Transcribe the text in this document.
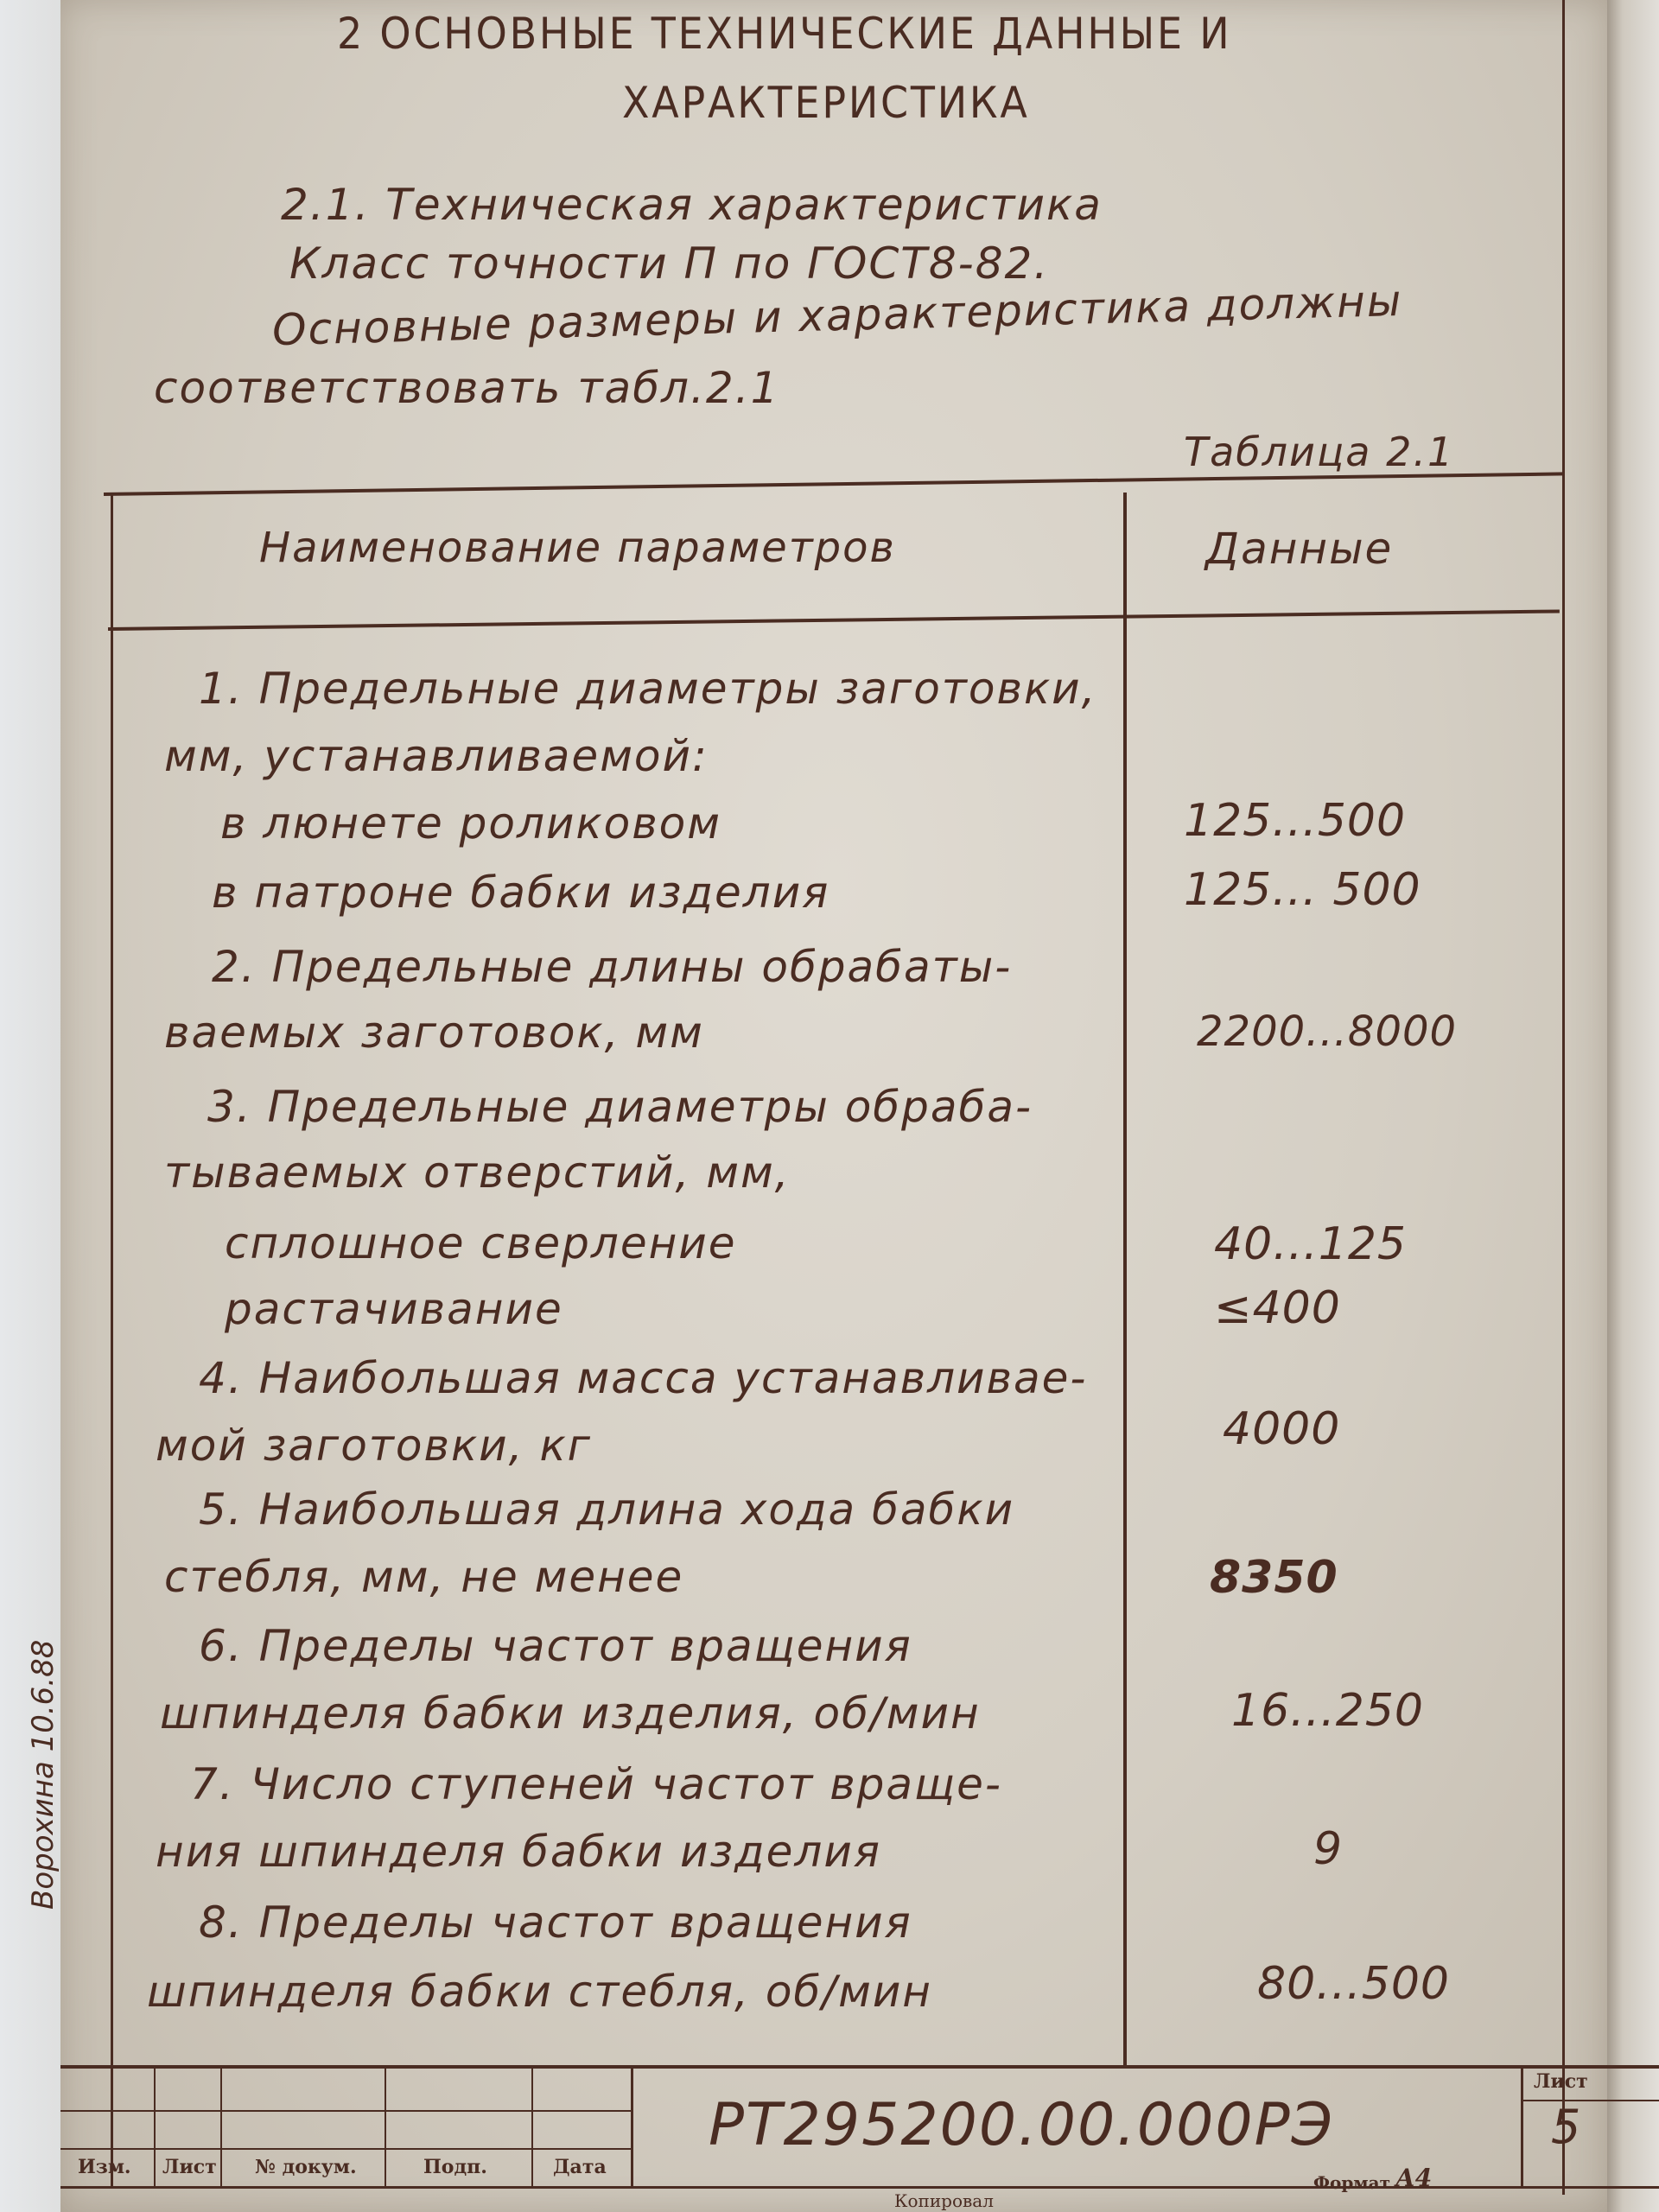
2 ОСНОВНЫЕ ТЕХНИЧЕСКИЕ ДАННЫЕ И
ХАРАКТЕРИСТИКА
2.1. Техническая характеристика
Класс точности П по ГОСТ8-82.
Основные размеры и характеристика должны
соответствовать табл.2.1
Таблица 2.1
Наименование параметров	Данные
1. Предельные диаметры заготовки,
мм, устанавливаемой:
в люнете роликовом	125...500
в патроне бабки изделия	125... 500
2. Предельные длины обрабаты-
ваемых заготовок, мм	2200...8000
3. Предельные диаметры обраба-
тываемых отверстий, мм,
сплошное сверление	40...125
растачивание	≤400
4. Наибольшая масса устанавливае-
мой заготовки, кг	4000
5. Наибольшая длина хода бабки
стебля, мм, не менее	8350
6. Пределы частот вращения
шпинделя бабки изделия, об/мин	16...250
7. Число ступеней частот враще-
ния шпинделя бабки изделия	9
8. Пределы частот вращения
шпинделя бабки стебля, об/мин	80...500
Изм. Лист № докум.	Подп.	Дата
РТ295200.00.000РЭ
Лист
5
Формат А4
Копировал
Ворохина 10.6.88
